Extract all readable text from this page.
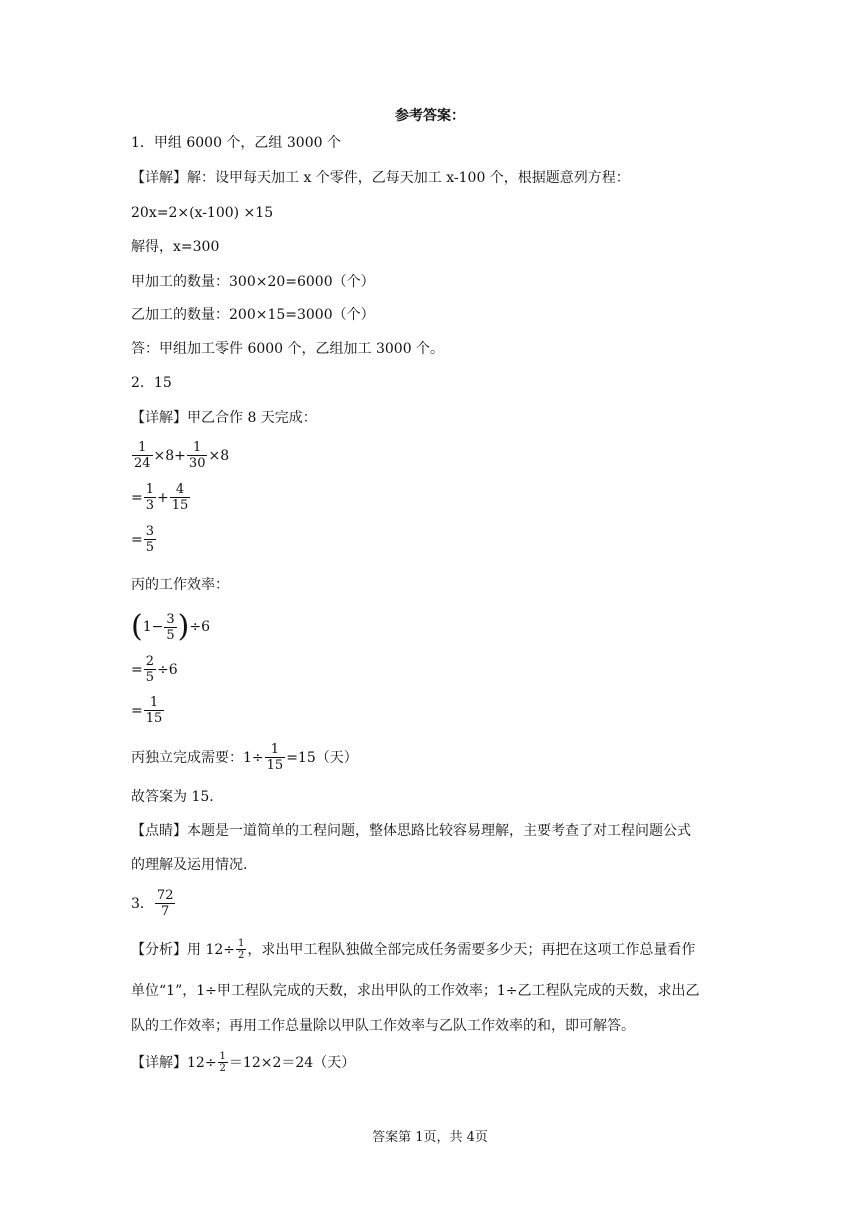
参考答案：
1．甲组 6000 个，乙组 3000 个
【详解】解：设甲每天加工 x 个零件，乙每天加工 x-100 个，根据题意列方程：
20x=2×(x-100) ×15
解得，x=300
甲加工的数量：300×20=6000（个）
乙加工的数量：200×15=3000（个）
答：甲组加工零件 6000 个，乙组加工 3000 个。
2．15
【详解】甲乙合作 8 天完成：
$\frac{1}{24} \times 8+ \frac{1}{30} \times 8$
= $\frac{1}{3} + \frac{4}{15}$
= $\frac{3}{5}$
丙的工作效率：
$(1- \frac{3}{5} )\div 6$
= $\frac{2}{5} \div 6$
= $\frac{1}{15}$
丙独立完成需要：$1\div \frac{1}{15} =15$（天）
故答案为 15.
【点睛】本题是一道简单的工程问题，整体思路比较容易理解，主要考查了对工程问题公式
的理解及运用情况.
3． $\frac{72}{7}$
【分析】用 $12\div \frac{1}{2}$ ，求出甲工程队独做全部完成任务需要多少天；再把在这项工作总量看作
单位“1”，1÷甲工程队完成的天数，求出甲队的工作效率；1÷乙工程队完成的天数，求出乙
队的工作效率；再用工作总量除以甲队工作效率与乙队工作效率的和，即可解答。
【详解】$12\div \frac{1}{2} =12\times 2=24$（天）
答案第 1页，共 4页
